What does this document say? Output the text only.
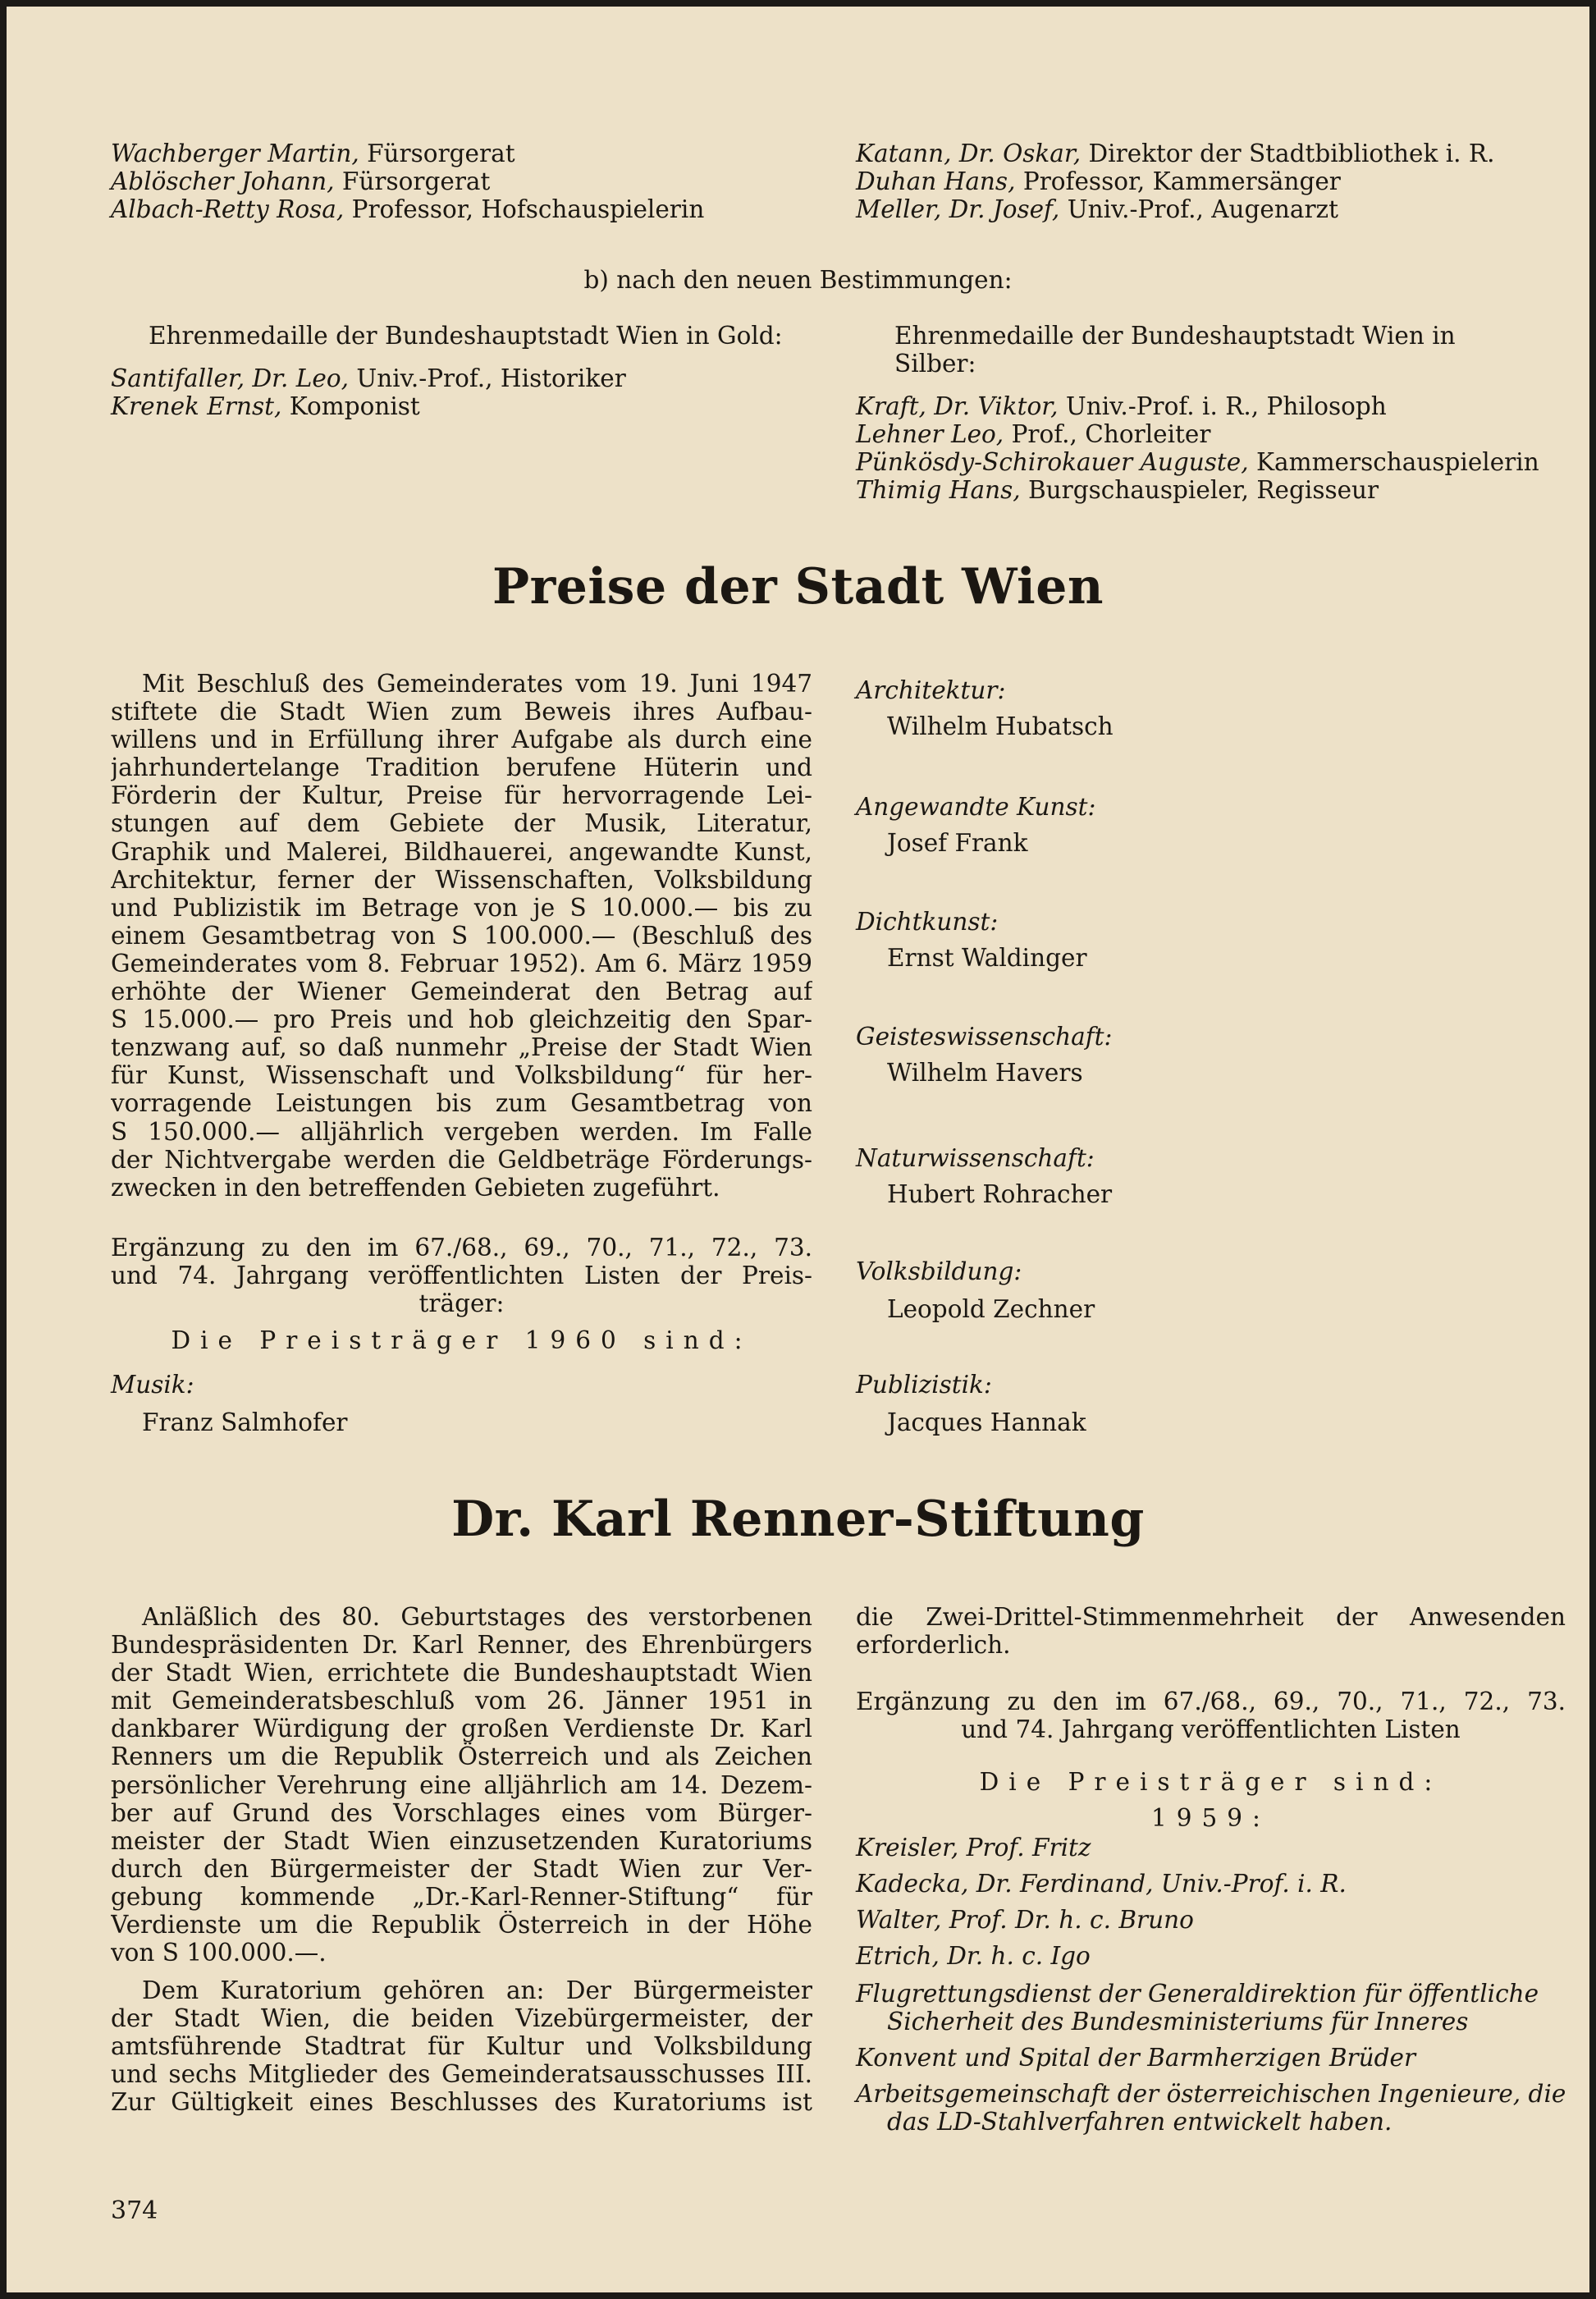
Wachberger Martin, Fürsorgerat
Ablöscher Johann, Fürsorgerat
Albach-Retty Rosa, Professor, Hofschauspielerin
Katann, Dr. Oskar, Direktor der Stadtbibliothek i. R.
Duhan Hans, Professor, Kammersänger
Meller, Dr. Josef, Univ.-Prof., Augenarzt
b) nach den neuen Bestimmungen:
Ehrenmedaille der Bundeshauptstadt Wien in Gold:
Santifaller, Dr. Leo, Univ.-Prof., Historiker
Krenek Ernst, Komponist
Ehrenmedaille der Bundeshauptstadt Wien in
Silber:
Kraft, Dr. Viktor, Univ.-Prof. i. R., Philosoph
Lehner Leo, Prof., Chorleiter
Pünkösdy-Schirokauer Auguste, Kammerschauspielerin
Thimig Hans, Burgschauspieler, Regisseur
Preise der Stadt Wien
Mit Beschluß des Gemeinderates vom 19. Juni 1947
stiftete die Stadt Wien zum Beweis ihres Aufbau-
willens und in Erfüllung ihrer Aufgabe als durch eine
jahrhundertelange Tradition berufene Hüterin und
Förderin der Kultur, Preise für hervorragende Lei-
stungen auf dem Gebiete der Musik, Literatur,
Graphik und Malerei, Bildhauerei, angewandte Kunst,
Architektur, ferner der Wissenschaften, Volksbildung
und Publizistik im Betrage von je S 10.000.— bis zu
einem Gesamtbetrag von S 100.000.— (Beschluß des
Gemeinderates vom 8. Februar 1952). Am 6. März 1959
erhöhte der Wiener Gemeinderat den Betrag auf
S 15.000.— pro Preis und hob gleichzeitig den Spar-
tenzwang auf, so daß nunmehr „Preise der Stadt Wien
für Kunst, Wissenschaft und Volksbildung“ für her-
vorragende Leistungen bis zum Gesamtbetrag von
S 150.000.— alljährlich vergeben werden. Im Falle
der Nichtvergabe werden die Geldbeträge Förderungs-
zwecken in den betreffenden Gebieten zugeführt.
Ergänzung zu den im 67./68., 69., 70., 71., 72., 73.
und 74. Jahrgang veröffentlichten Listen der Preis-
träger:
Die Preisträger 1960 sind:
Musik:
Franz Salmhofer
Architektur:
Wilhelm Hubatsch
Angewandte Kunst:
Josef Frank
Dichtkunst:
Ernst Waldinger
Geisteswissenschaft:
Wilhelm Havers
Naturwissenschaft:
Hubert Rohracher
Volksbildung:
Leopold Zechner
Publizistik:
Jacques Hannak
Dr. Karl Renner-Stiftung
Anläßlich des 80. Geburtstages des verstorbenen
Bundespräsidenten Dr. Karl Renner, des Ehrenbürgers
der Stadt Wien, errichtete die Bundeshauptstadt Wien
mit Gemeinderatsbeschluß vom 26. Jänner 1951 in
dankbarer Würdigung der großen Verdienste Dr. Karl
Renners um die Republik Österreich und als Zeichen
persönlicher Verehrung eine alljährlich am 14. Dezem-
ber auf Grund des Vorschlages eines vom Bürger-
meister der Stadt Wien einzusetzenden Kuratoriums
durch den Bürgermeister der Stadt Wien zur Ver-
gebung kommende „Dr.-Karl-Renner-Stiftung“ für
Verdienste um die Republik Österreich in der Höhe
von S 100.000.—.
Dem Kuratorium gehören an: Der Bürgermeister
der Stadt Wien, die beiden Vizebürgermeister, der
amtsführende Stadtrat für Kultur und Volksbildung
und sechs Mitglieder des Gemeinderatsausschusses III.
Zur Gültigkeit eines Beschlusses des Kuratoriums ist
die Zwei-Drittel-Stimmenmehrheit der Anwesenden
erforderlich.
Ergänzung zu den im 67./68., 69., 70., 71., 72., 73.
und 74. Jahrgang veröffentlichten Listen
Die Preisträger sind:
1959:
Kreisler, Prof. Fritz
Kadecka, Dr. Ferdinand, Univ.-Prof. i. R.
Walter, Prof. Dr. h. c. Bruno
Etrich, Dr. h. c. Igo
Flugrettungsdienst der Generaldirektion für öffentliche
Sicherheit des Bundesministeriums für Inneres
Konvent und Spital der Barmherzigen Brüder
Arbeitsgemeinschaft der österreichischen Ingenieure, die
das LD-Stahlverfahren entwickelt haben.
374
